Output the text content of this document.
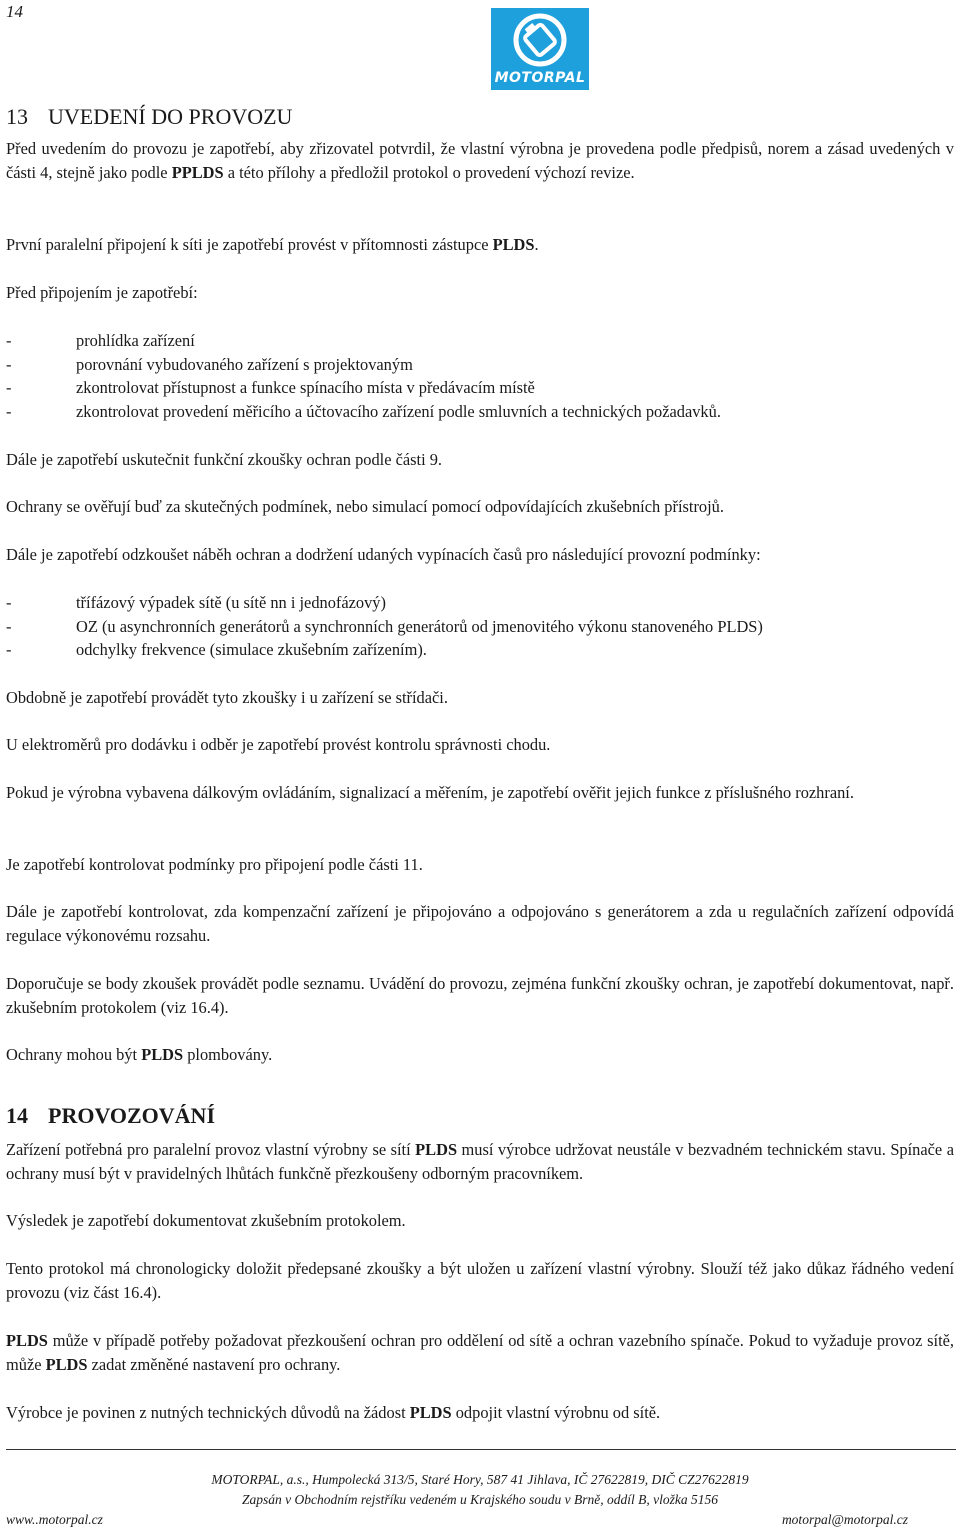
14
MOTORPAL
13 UVEDENÍ DO PROVOZU

Před uvedením do provozu je zapotřebí, aby zřizovatel potvrdil, že vlastní výrobna je provedena podle předpisů, norem a zásad uvedených v části 4, stejně jako podle PPLDS a této přílohy a předložil protokol o provedení výchozí revize.

První paralelní připojení k síti je zapotřebí provést v přítomnosti zástupce PLDS.

Před připojením je zapotřebí:

-	prohlídka zařízení
-	porovnání vybudovaného zařízení s projektovaným
-	zkontrolovat přístupnost a funkce spínacího místa v předávacím místě
-	zkontrolovat provedení měřicího a účtovacího zařízení podle smluvních a technických požadavků.

Dále je zapotřebí uskutečnit funkční zkoušky ochran podle části 9.

Ochrany se ověřují buď za skutečných podmínek, nebo simulací pomocí odpovídajících zkušebních přístrojů.

Dále je zapotřebí odzkoušet náběh ochran a dodržení udaných vypínacích časů pro následující provozní podmínky:

-	třífázový výpadek sítě (u sítě nn i jednofázový)
-	OZ (u asynchronních generátorů a synchronních generátorů od jmenovitého výkonu stanoveného PLDS)
-	odchylky frekvence (simulace zkušebním zařízením).

Obdobně je zapotřebí provádět tyto zkoušky i u zařízení se střídači.

U elektroměrů pro dodávku i odběr je zapotřebí provést kontrolu správnosti chodu.

Pokud je výrobna vybavena dálkovým ovládáním, signalizací a měřením, je zapotřebí ověřit jejich funkce z příslušného rozhraní.

Je zapotřebí kontrolovat podmínky pro připojení podle části 11.

Dále je zapotřebí kontrolovat, zda kompenzační zařízení je připojováno a odpojováno s generátorem a zda u regulačních zařízení odpovídá regulace výkonovému rozsahu.

Doporučuje se body zkoušek provádět podle seznamu. Uvádění do provozu, zejména funkční zkoušky ochran, je zapotřebí dokumentovat, např. zkušebním protokolem (viz 16.4).

Ochrany mohou být PLDS plombovány.

14 PROVOZOVÁNÍ

Zařízení potřebná pro paralelní provoz vlastní výrobny se sítí PLDS musí výrobce udržovat neustále v bezvadném technickém stavu. Spínače a ochrany musí být v pravidelných lhůtách funkčně přezkoušeny odborným pracovníkem.

Výsledek je zapotřebí dokumentovat zkušebním protokolem.

Tento protokol má chronologicky doložit předepsané zkoušky a být uložen u zařízení vlastní výrobny. Slouží též jako důkaz řádného vedení provozu (viz část 16.4).

PLDS může v případě potřeby požadovat přezkoušení ochran pro oddělení od sítě a ochran vazebního spínače. Pokud to vyžaduje provoz sítě, může PLDS zadat změněné nastavení pro ochrany.

Výrobce je povinen z nutných technických důvodů na žádost PLDS odpojit vlastní výrobnu od sítě.

MOTORPAL, a.s., Humpolecká 313/5, Staré Hory, 587 41 Jihlava, IČ 27622819, DIČ CZ27622819
Zapsán v Obchodním rejstříku vedeném u Krajského soudu v Brně, oddíl B, vložka 5156
www..motorpal.cz	motorpal@motorpal.cz
